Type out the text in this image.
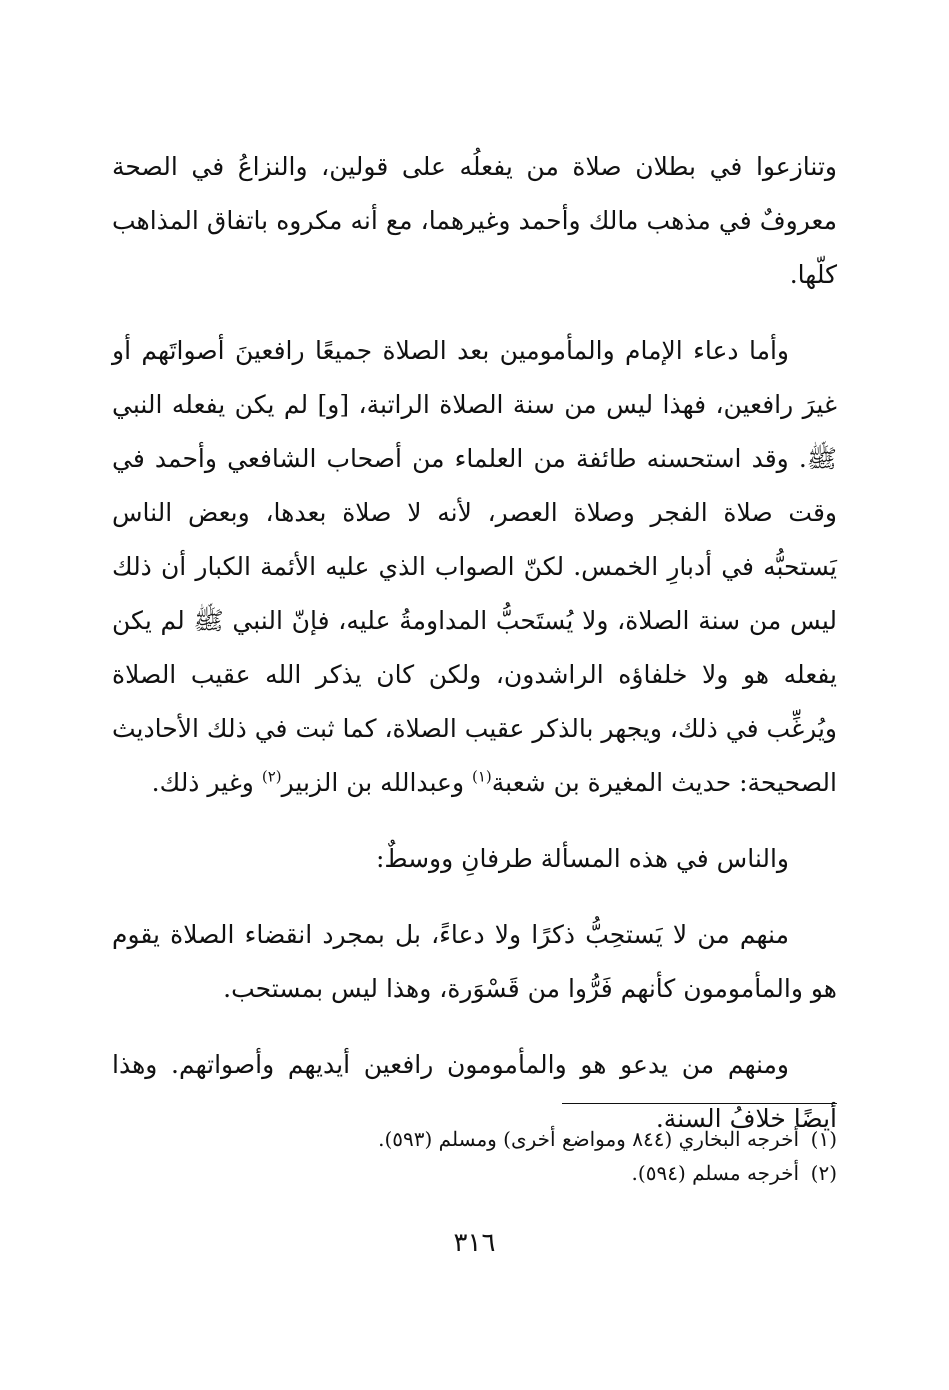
وتنازعوا في بطلان صلاة من يفعلُه على قولين، والنزاعُ في الصحة معروفٌ في مذهب مالك وأحمد وغيرهما، مع أنه مكروه باتفاق المذاهب كلّها.

وأما دعاء الإمام والمأمومين بعد الصلاة جميعًا رافعينَ أصواتَهم أو غيرَ رافعين، فهذا ليس من سنة الصلاة الراتبة، [و] لم يكن يفعله النبي ﷺ. وقد استحسنه طائفة من العلماء من أصحاب الشافعي وأحمد في وقت صلاة الفجر وصلاة العصر، لأنه لا صلاة بعدها، وبعض الناس يَستحبُّه في أدبارِ الخمس. لكنّ الصواب الذي عليه الأئمة الكبار أن ذلك ليس من سنة الصلاة، ولا يُستَحبُّ المداومةُ عليه، فإنّ النبي ﷺ لم يكن يفعله هو ولا خلفاؤه الراشدون، ولكن كان يذكر الله عقيب الصلاة ويُرغِّب في ذلك، ويجهر بالذكر عقيب الصلاة، كما ثبت في ذلك الأحاديث الصحيحة: حديث المغيرة بن شعبة$^{(١)}$ وعبدالله بن الزبير$^{(٢)}$ وغير ذلك.

والناس في هذه المسألة طرفانِ ووسطٌ:

منهم من لا يَستحِبُّ ذكرًا ولا دعاءً، بل بمجرد انقضاء الصلاة يقوم هو والمأمومون كأنهم فَرُّوا من قَسْوَرة، وهذا ليس بمستحب.

ومنهم من يدعو هو والمأمومون رافعين أيديهم وأصواتهم. وهذا أيضًا خلافُ السنة.

(١)أخرجه البخاري (٨٤٤ ومواضع أخرى) ومسلم (٥٩٣).

(٢)أخرجه مسلم (٥٩٤).

٣١٦
